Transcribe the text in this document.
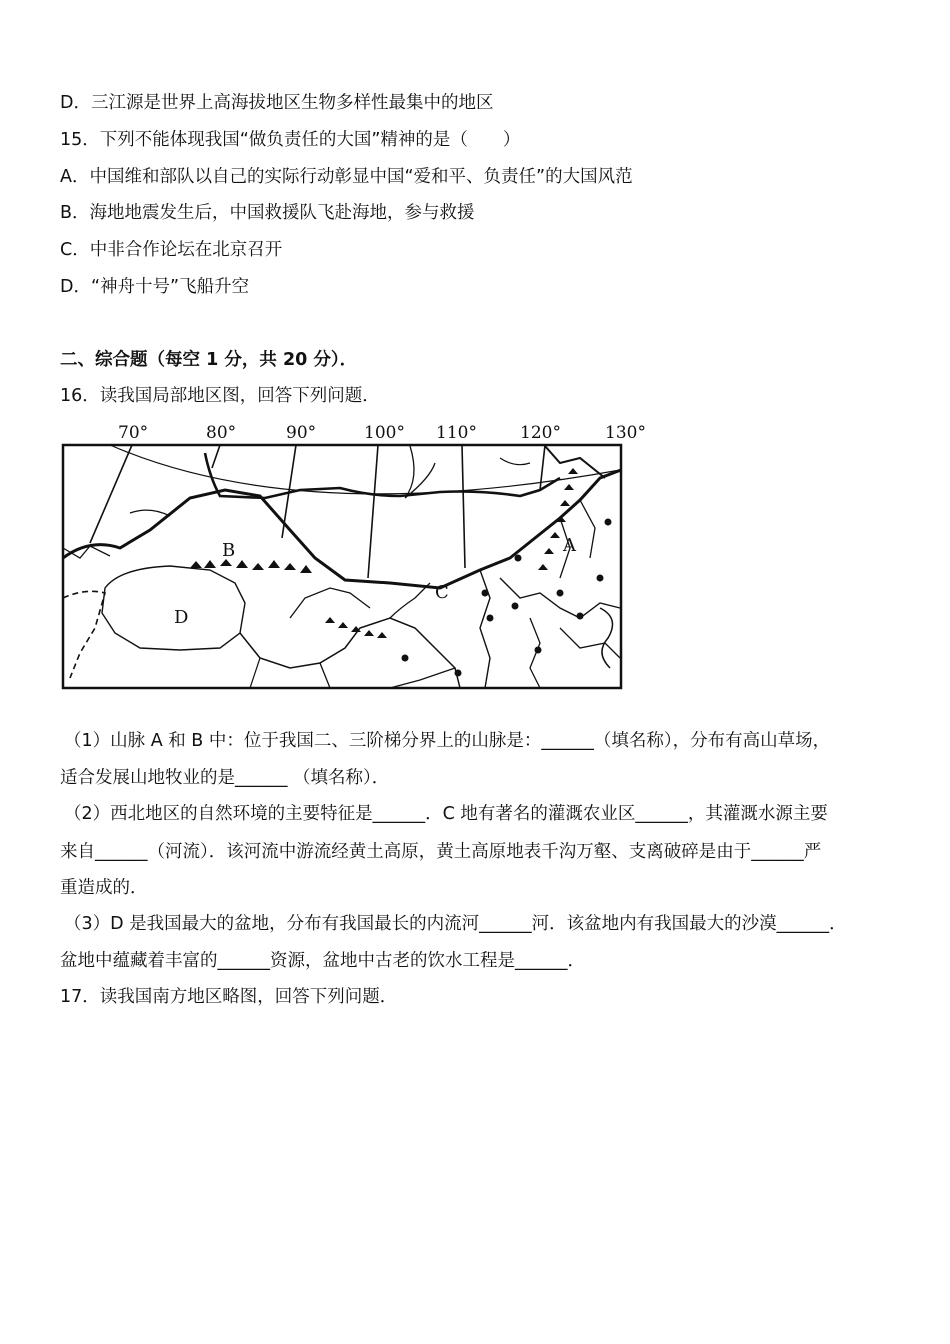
D．三江源是世界上高海拔地区生物多样性最集中的地区
15．下列不能体现我国“做负责任的大国”精神的是（　　）
A．中国维和部队以自己的实际行动彰显中国“爱和平、负责任”的大国风范
B．海地地震发生后，中国救援队飞赴海地，参与救援
C．中非合作论坛在北京召开
D．“神舟十号”飞船升空
二、综合题（每空 1 分，共 20 分）．
16．读我国局部地区图，回答下列问题．
70°	80°	90°	100° 110°	120°	130°
B	A
C
D
（1）山脉 A 和 B 中：位于我国二、三阶梯分界上的山脉是：______（填名称），分布有高山草场，
适合发展山地牧业的是______ （填名称）．
（2）西北地区的自然环境的主要特征是______．C 地有著名的灌溉农业区______，其灌溉水源主要
来自______（河流）．该河流中游流经黄土高原，黄土高原地表千沟万壑、支离破碎是由于______严
重造成的．
（3）D 是我国最大的盆地，分布有我国最长的内流河______河．该盆地内有我国最大的沙漠______．
盆地中蕴藏着丰富的______资源，盆地中古老的饮水工程是______．
17．读我国南方地区略图，回答下列问题．
